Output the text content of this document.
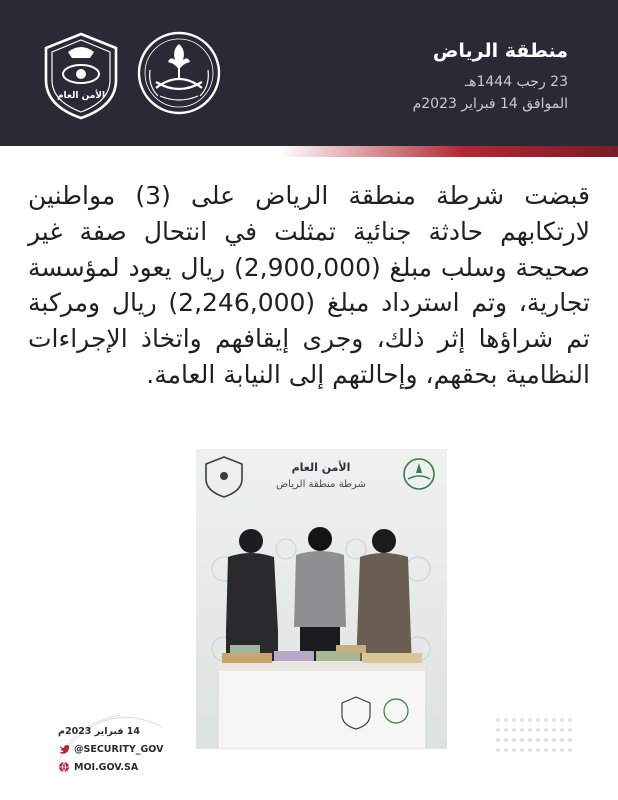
منطقة الرياض
23 رجب 1444هـ
الموافق 14 فبراير 2023م
الأمن العام

قبضت شرطة منطقة الرياض على (3) مواطنين لارتكابهم حادثة جنائية تمثلت في انتحال صفة غير صحيحة وسلب مبلغ (2,900,000) ريال يعود لمؤسسة تجارية، وتم استرداد مبلغ (2,246,000) ريال ومركبة تم شراؤها إثر ذلك، وجرى إيقافهم واتخاذ الإجراءات النظامية بحقهم، وإحالتهم إلى النيابة العامة.

الأمن العام
شرطة منطقة الرياض
14 فبراير 2023م
@SECURITY_GOV
MOI.GOV.SA
